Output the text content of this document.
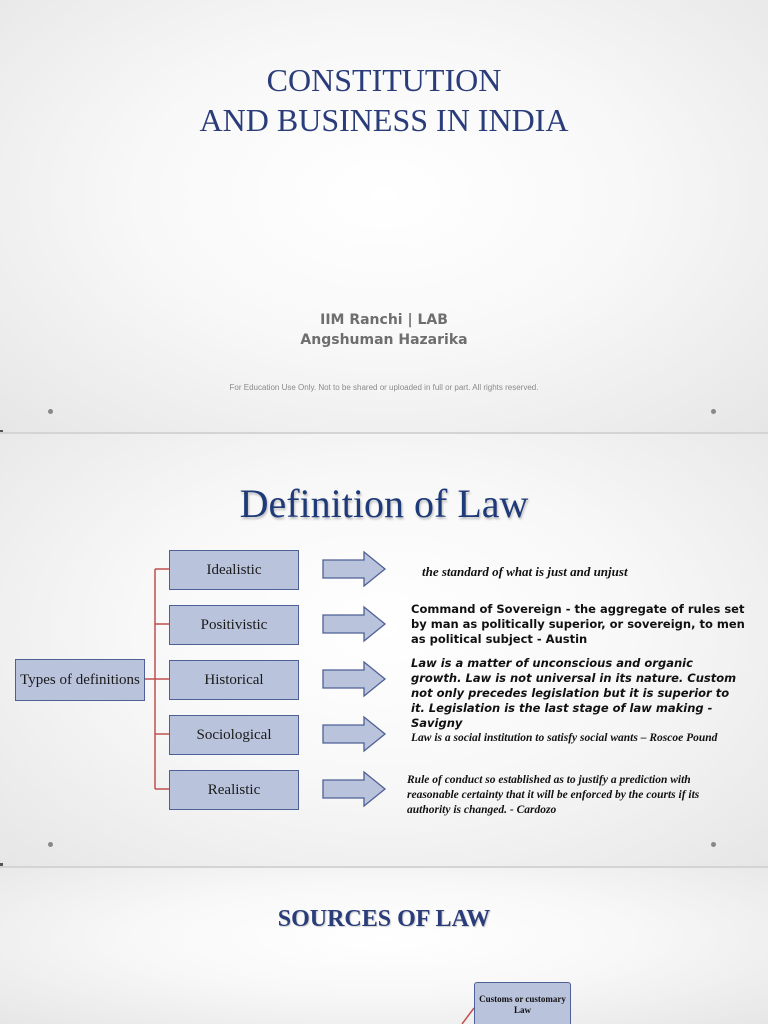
CONSTITUTION
AND BUSINESS IN INDIA
IIM Ranchi | LAB
Angshuman Hazarika
For Education Use Only. Not to be shared or uploaded in full or part. All rights reserved.
Definition of Law
Types of definitions
Idealistic
Positivistic
Historical
Sociological
Realistic
the standard of what is just and unjust
Command of Sovereign - the aggregate of rules set by man as politically superior, or sovereign, to men as political subject - Austin
Law is a matter of unconscious and organic growth. Law is not universal in its nature. Custom not only precedes legislation but it is superior to it. Legislation is the last stage of law making - Savigny
Law is a social institution to satisfy social wants – Roscoe Pound
Rule of conduct so established as to justify a prediction with reasonable certainty that it will be enforced by the courts if its authority is changed. - Cardozo
SOURCES OF LAW
Customs or customary Law
